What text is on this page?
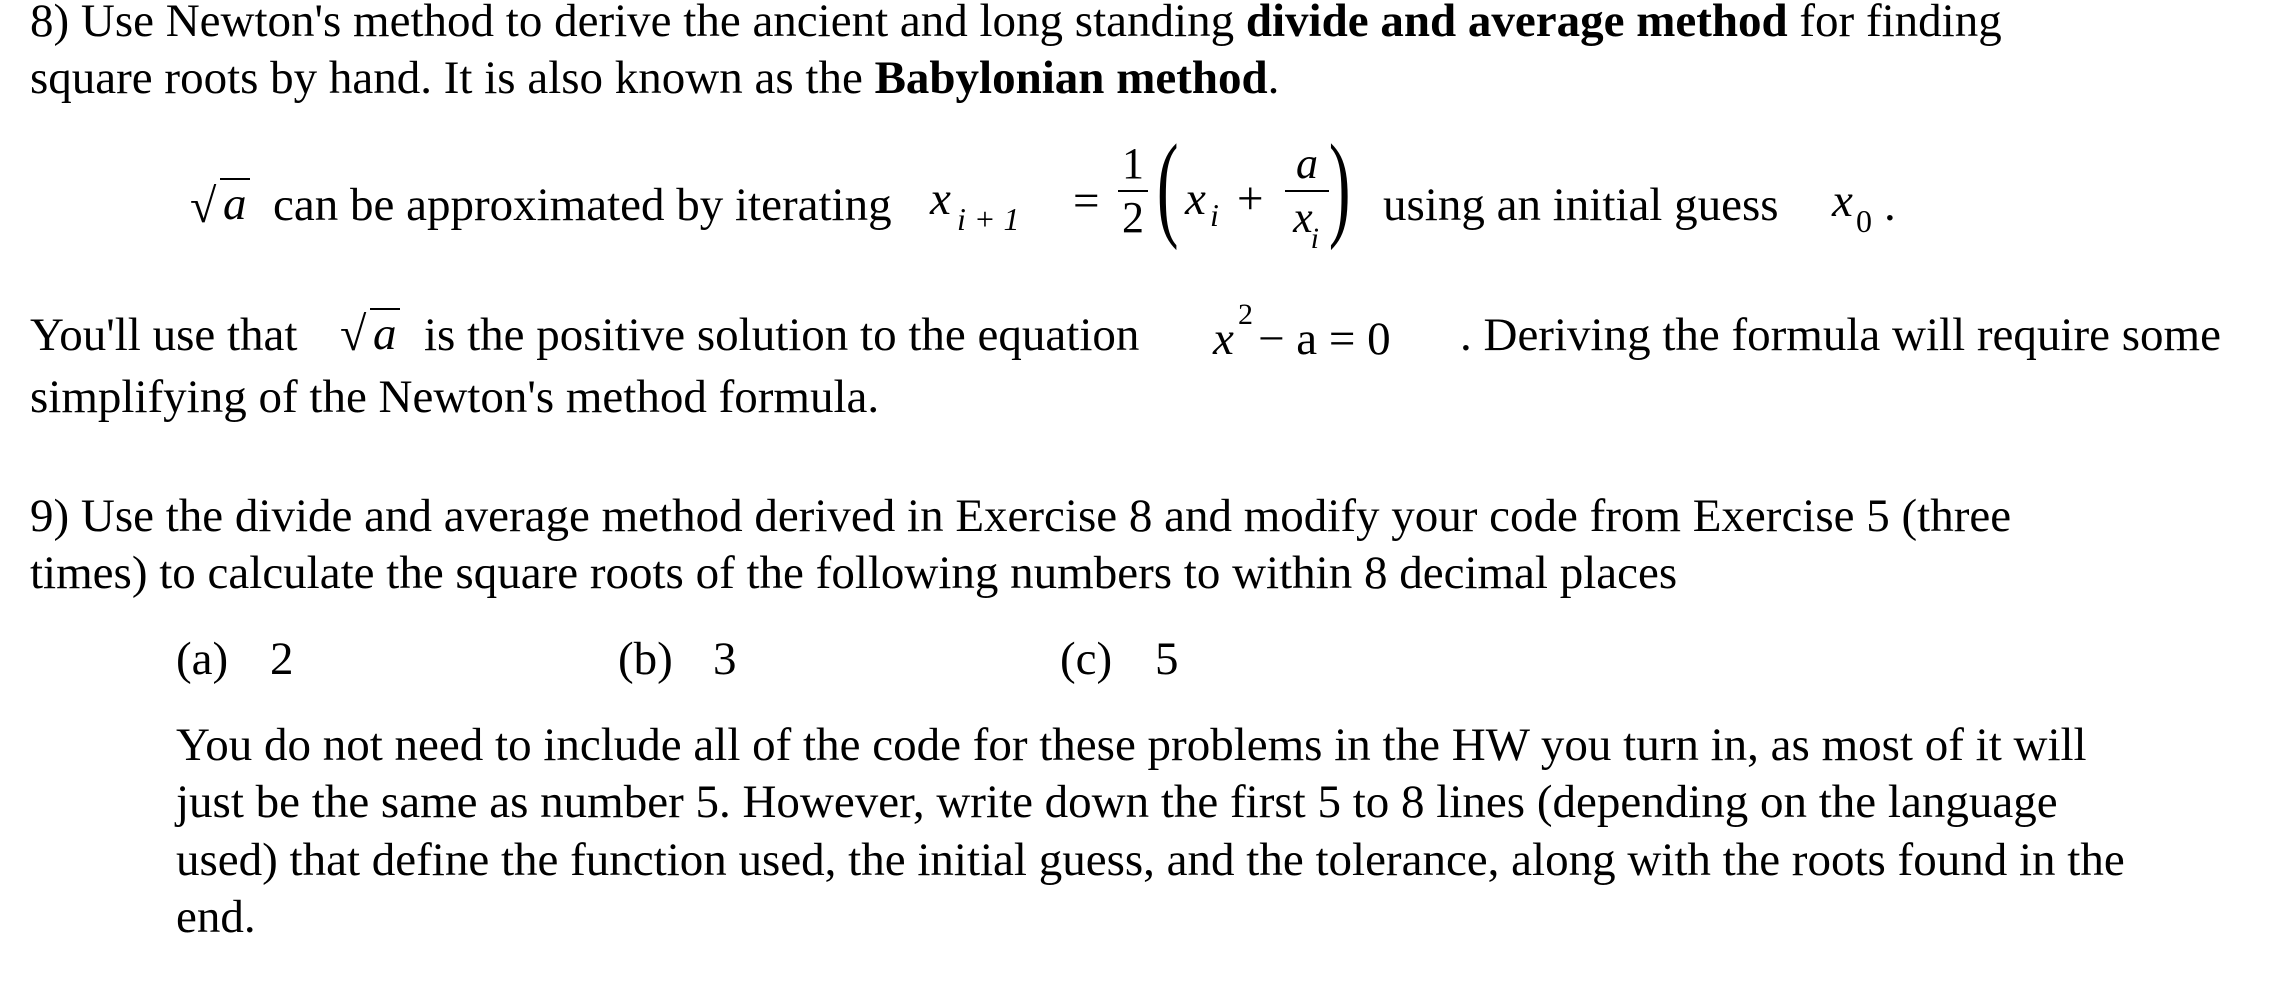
8) Use Newton's method to derive the ancient and long standing divide and average method for finding
square roots by hand. It is also known as the Babylonian method.
√ a can be approximated by iterating x i + 1 =
1
2 ( x i +
a
$x_i$ ) using an initial guess x 0 .
You'll use that √ a is the positive solution to the equation x 2 − a = 0 . Deriving the formula will require some
simplifying of the Newton's method formula.
9) Use the divide and average method derived in Exercise 8 and modify your code from Exercise 5 (three
times) to calculate the square roots of the following numbers to within 8 decimal places
(a) 2	(b) 3	(c) 5
You do not need to include all of the code for these problems in the HW you turn in, as most of it will
just be the same as number 5. However, write down the first 5 to 8 lines (depending on the language
used) that define the function used, the initial guess, and the tolerance, along with the roots found in the
end.
